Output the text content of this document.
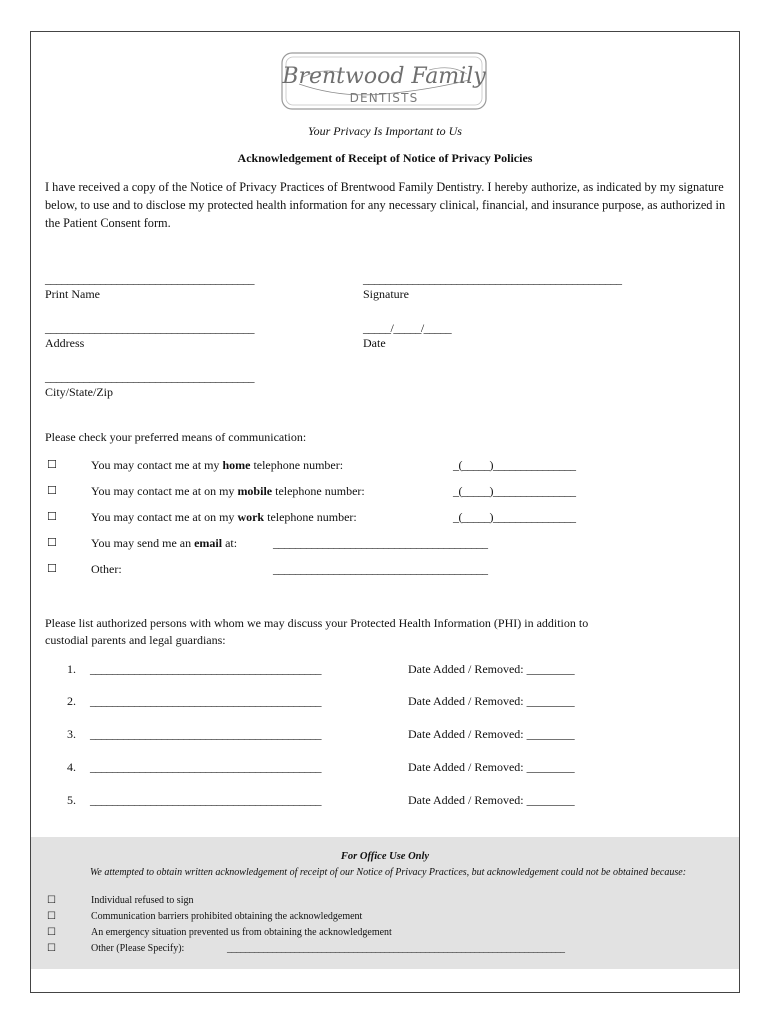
Brentwood Family
DENTISTS
Your Privacy Is Important to Us
Acknowledgement of Receipt of Notice of Privacy Policies
I have received a copy of the Notice of Privacy Practices of Brentwood Family Dentistry. I hereby authorize, as indicated by my signature below, to use and to disclose my protected health information for any necessary clinical, financial, and insurance purpose, as authorized in the Patient Consent form.
______________________________________
Print Name
_______________________________________________
Signature
______________________________________
Address
_____/_____/_____
Date
______________________________________
City/State/Zip
Please check your preferred means of communication:
☐	You may contact me at my home telephone number:	_(_____)_______________
☐	You may contact me at on my mobile telephone number:	_(_____)_______________
☐	You may contact me at on my work telephone number:	_(_____)_______________
☐	You may send me an email at:	_______________________________________
☐	Other:	_______________________________________
Please list authorized persons with whom we may discuss your Protected Health Information (PHI) in addition to
custodial parents and legal guardians:
1. __________________________________________	Date Added / Removed: ________
2. __________________________________________	Date Added / Removed: ________
3. __________________________________________	Date Added / Removed: ________
4. __________________________________________	Date Added / Removed: ________
5. __________________________________________	Date Added / Removed: ________
For Office Use Only
We attempted to obtain written acknowledgement of receipt of our Notice of Privacy Practices, but acknowledgement could not be obtained because:
☐	Individual refused to sign
☐	Communication barriers prohibited obtaining the acknowledgement
☐	An emergency situation prevented us from obtaining the acknowledgement
☐	Other (Please Specify):	___________________________________________________________________________
